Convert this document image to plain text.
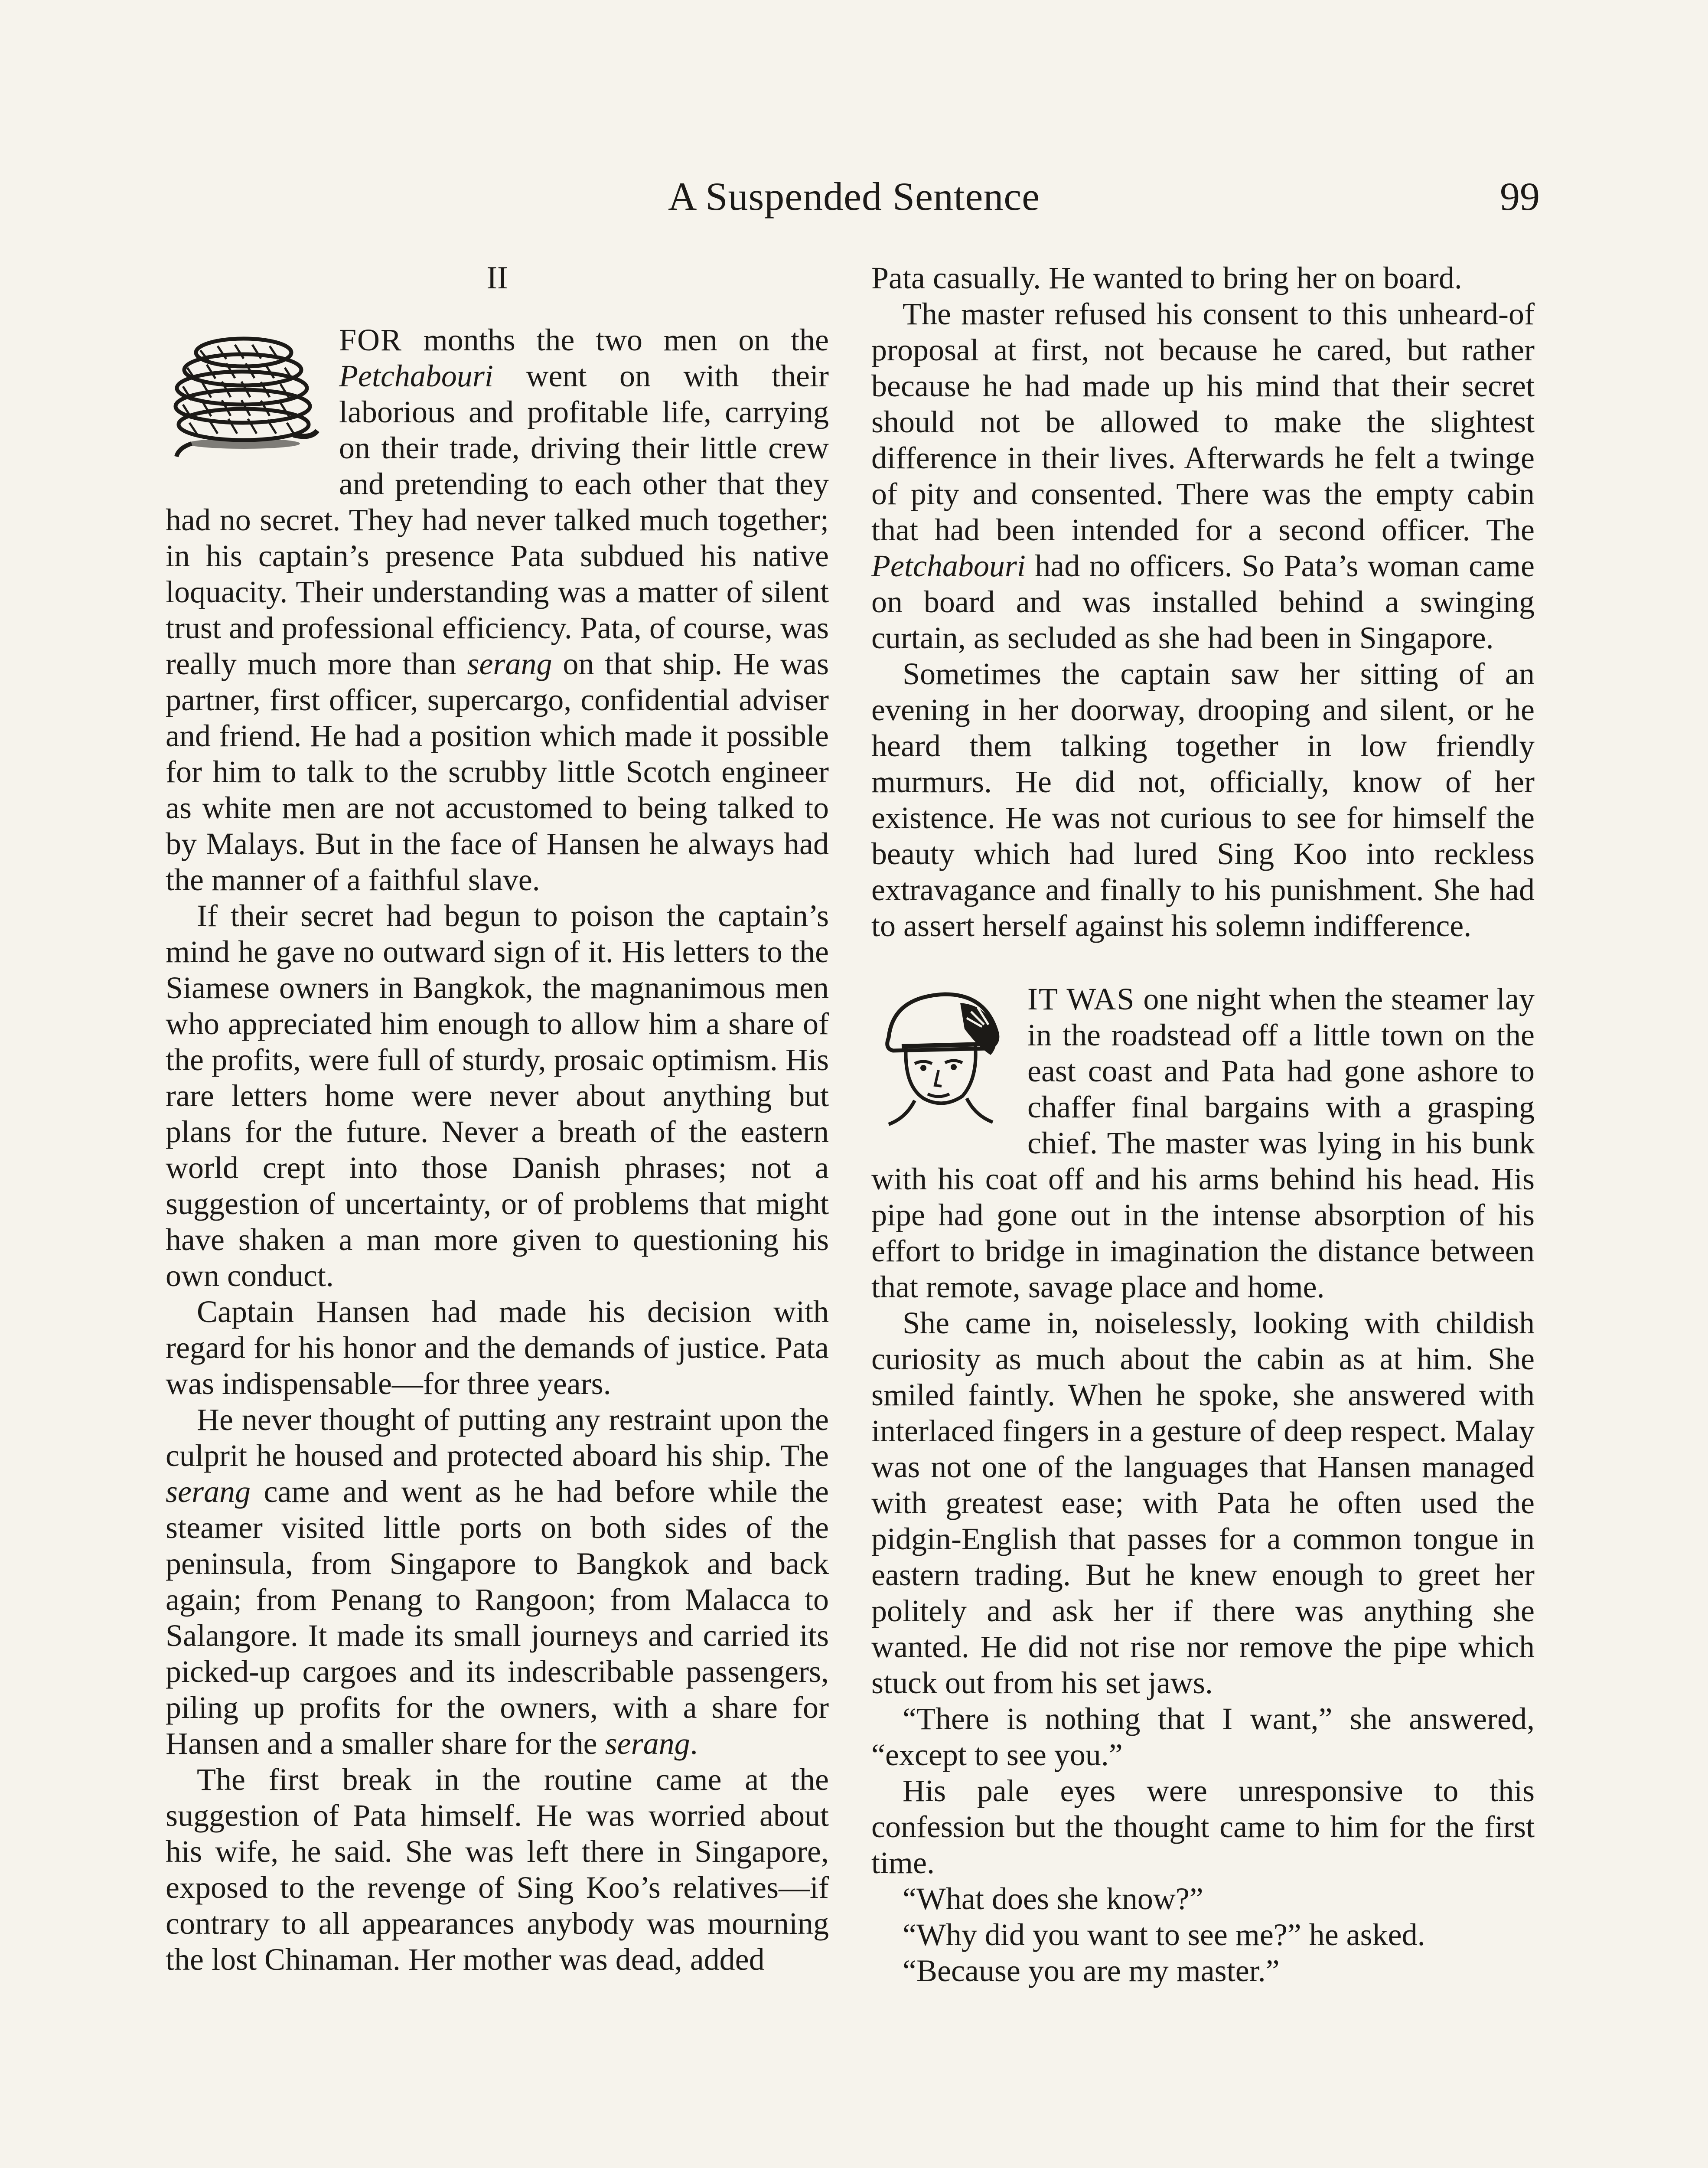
A Suspended Sentence	99
II

FOR months the two men on the Petchabouri went on with their laborious and profitable life, carrying on their trade, driving their little crew and pretending to each other that they had no secret. They had never talked much together; in his captain’s presence Pata subdued his native loquacity. Their understanding was a matter of silent trust and professional efficiency. Pata, of course, was really much more than serang on that ship. He was partner, first officer, supercargo, confidential adviser and friend. He had a position which made it possible for him to talk to the scrubby little Scotch engineer as white men are not accustomed to being talked to by Malays. But in the face of Hansen he always had the manner of a faithful slave.

If their secret had begun to poison the captain’s mind he gave no outward sign of it. His letters to the Siamese owners in Bangkok, the magnanimous men who appreciated him enough to allow him a share of the profits, were full of sturdy, prosaic optimism. His rare letters home were never about anything but plans for the future. Never a breath of the eastern world crept into those Danish phrases; not a suggestion of uncertainty, or of problems that might have shaken a man more given to questioning his own conduct.

Captain Hansen had made his decision with regard for his honor and the demands of justice. Pata was indispensable—for three years.

He never thought of putting any restraint upon the culprit he housed and protected aboard his ship. The serang came and went as he had before while the steamer visited little ports on both sides of the peninsula, from Singapore to Bangkok and back again; from Penang to Rangoon; from Malacca to Salangore. It made its small journeys and carried its picked-up cargoes and its indescribable passengers, piling up profits for the owners, with a share for Hansen and a smaller share for the serang.

The first break in the routine came at the suggestion of Pata himself. He was worried about his wife, he said. She was left there in Singapore, exposed to the revenge of Sing Koo’s relatives—if contrary to all appearances anybody was mourning the lost Chinaman. Her mother was dead, added

Pata casually. He wanted to bring her on board.

The master refused his consent to this unheard-of proposal at first, not because he cared, but rather because he had made up his mind that their secret should not be allowed to make the slightest difference in their lives. Afterwards he felt a twinge of pity and consented. There was the empty cabin that had been intended for a second officer. The Petchabouri had no officers. So Pata’s woman came on board and was installed behind a swinging curtain, as secluded as she had been in Singapore.

Sometimes the captain saw her sitting of an evening in her doorway, drooping and silent, or he heard them talking together in low friendly murmurs. He did not, officially, know of her existence. He was not curious to see for himself the beauty which had lured Sing Koo into reckless extravagance and finally to his punishment. She had to assert herself against his solemn indifference.

IT WAS one night when the steamer lay in the roadstead off a little town on the east coast and Pata had gone ashore to chaffer final bargains with a grasping chief. The master was lying in his bunk with his coat off and his arms behind his head. His pipe had gone out in the intense absorption of his effort to bridge in imagination the distance between that remote, savage place and home.

She came in, noiselessly, looking with childish curiosity as much about the cabin as at him. She smiled faintly. When he spoke, she answered with interlaced fingers in a gesture of deep respect. Malay was not one of the languages that Hansen managed with greatest ease; with Pata he often used the pidgin-English that passes for a common tongue in eastern trading. But he knew enough to greet her politely and ask her if there was anything she wanted. He did not rise nor remove the pipe which stuck out from his set jaws.

“There is nothing that I want,” she answered, “except to see you.”

His pale eyes were unresponsive to this confession but the thought came to him for the first time.

“What does she know?”

“Why did you want to see me?” he asked.

“Because you are my master.”
